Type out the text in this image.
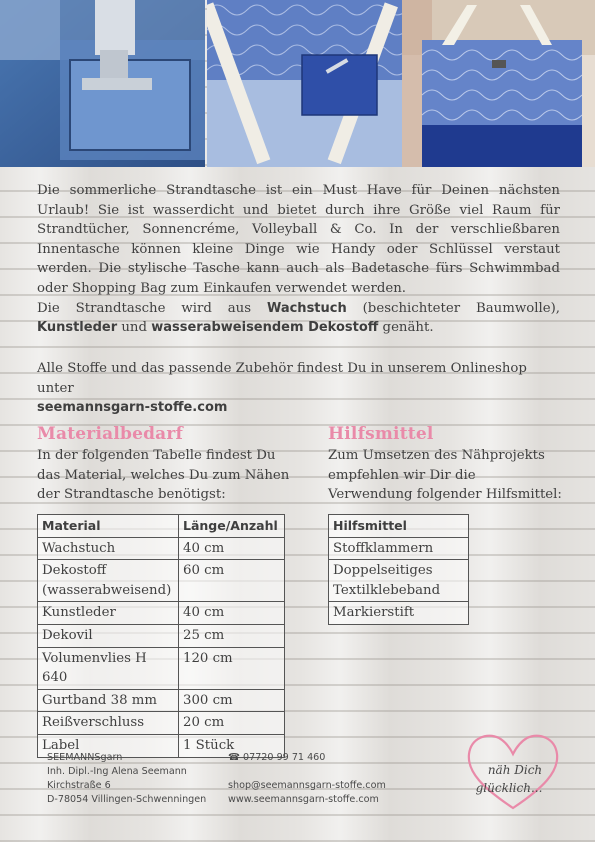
Die sommerliche Strandtasche ist ein Must Have für Deinen nächsten Urlaub! Sie ist wasserdicht und bietet durch ihre Größe viel Raum für Strandtücher, Sonnencréme, Volleyball & Co. In der verschließbaren Innentasche können kleine Dinge wie Handy oder Schlüssel verstaut werden. Die stylische Tasche kann auch als Badetasche fürs Schwimmbad oder Shopping Bag zum Einkaufen verwendet werden.

Die Strandtasche wird aus Wachstuch (beschichteter Baumwolle), Kunstleder und wasserabweisendem Dekostoff genäht.

Alle Stoffe und das passende Zubehör findest Du in unserem Onlineshop unter

seemannsgarn-stoffe.com

Materialbedarf
In der folgenden Tabelle findest Du das Material, welches Du zum Nähen der Strandtasche benötigst:
Material	Länge/Anzahl
Wachstuch	40 cm
Dekostoff (wasserabweisend)	60 cm
Kunstleder	40 cm
Dekovil	25 cm
Volumenvlies H 640	120 cm
Gurtband 38 mm	300 cm
Reißverschluss	20 cm
Label	1 Stück
Hilfsmittel
Zum Umsetzen des Nähprojekts empfehlen wir Dir die Verwendung folgender Hilfsmittel:
Hilfsmittel
Stoffklammern
Doppelseitiges Textilklebeband
Markierstift
SEEMANNSgarn
Inh. Dipl.-Ing Alena Seemann
Kirchstraße 6
D-78054 Villingen-Schwenningen
☎ 07720 99 71 460
shop@seemannsgarn-stoffe.com
www.seemannsgarn-stoffe.com
näh Dich
glücklich...
